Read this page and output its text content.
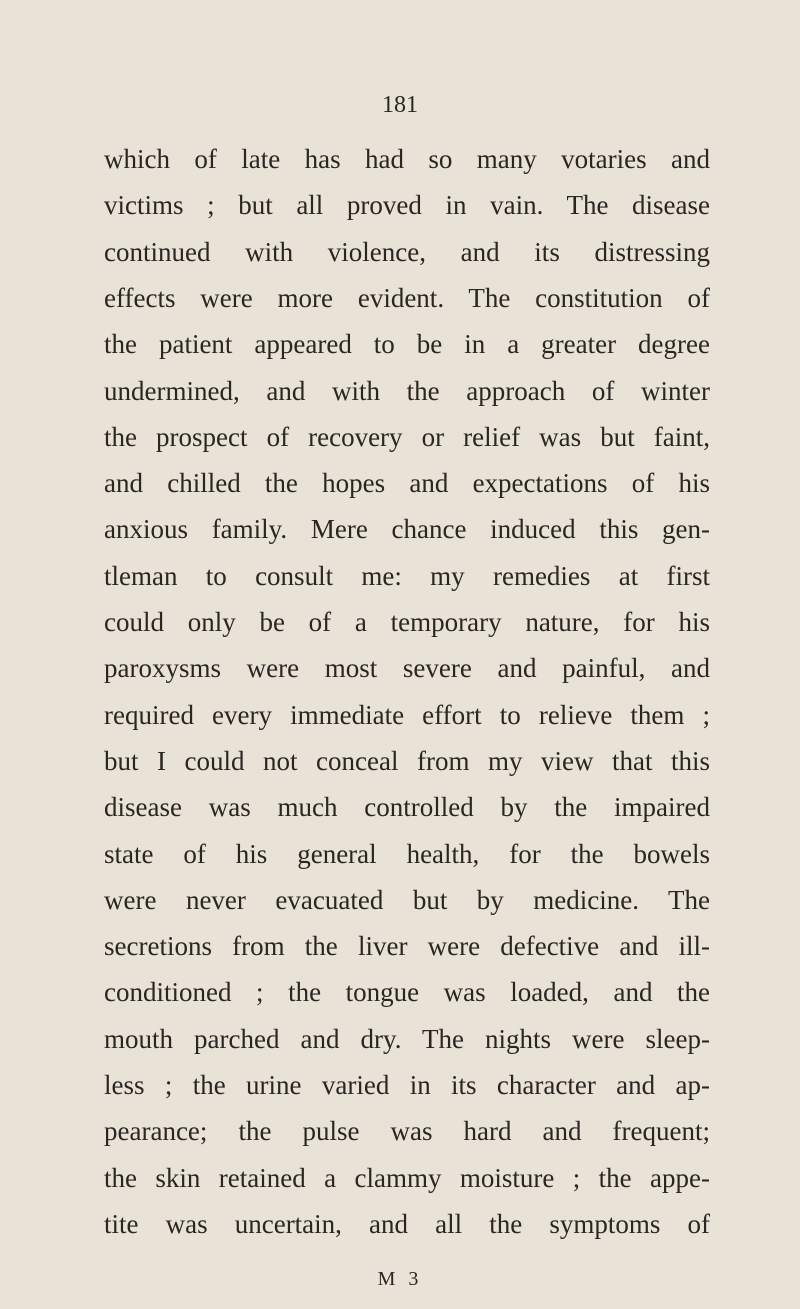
181
which of late has had so many votaries and
victims ; but all proved in vain. The disease
continued with violence, and its distressing
effects were more evident. The constitution of
the patient appeared to be in a greater degree
undermined, and with the approach of winter
the prospect of recovery or relief was but faint,
and chilled the hopes and expectations of his
anxious family. Mere chance induced this gen-
tleman to consult me: my remedies at first
could only be of a temporary nature, for his
paroxysms were most severe and painful, and
required every immediate effort to relieve them ;
but I could not conceal from my view that this
disease was much controlled by the impaired
state of his general health, for the bowels
were never evacuated but by medicine. The
secretions from the liver were defective and ill-
conditioned ; the tongue was loaded, and the
mouth parched and dry. The nights were sleep-
less ; the urine varied in its character and ap-
pearance; the pulse was hard and frequent;
the skin retained a clammy moisture ; the appe-
tite was uncertain, and all the symptoms of
M 3
